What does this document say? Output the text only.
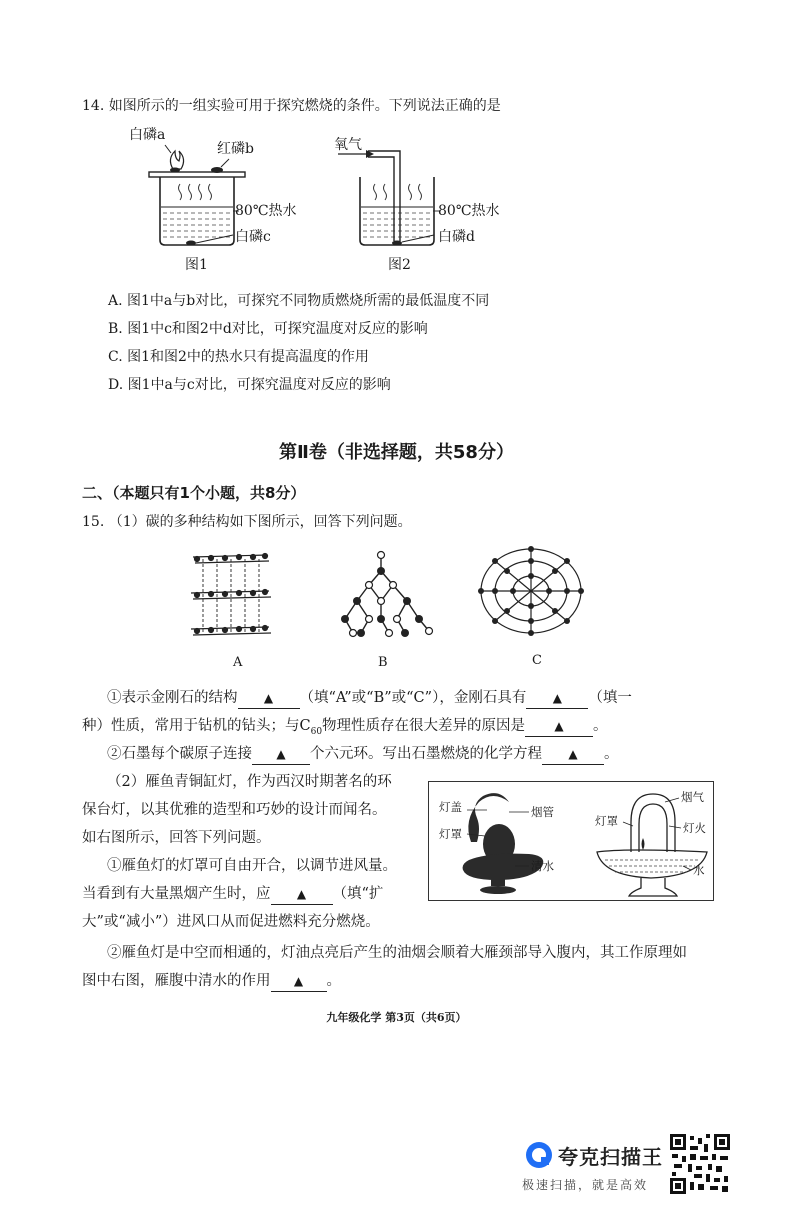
14. 如图所示的一组实验可用于探究燃烧的条件。下列说法正确的是
白磷a
红磷b
80℃热水
白磷c
图1
氧气
80℃热水
白磷d
图2
A. 图1中a与b对比，可探究不同物质燃烧所需的最低温度不同
B. 图1中c和图2中d对比，可探究温度对反应的影响
C. 图1和图2中的热水只有提高温度的作用
D. 图1中a与c对比，可探究温度对反应的影响
第Ⅱ卷（非选择题，共58分）
二、（本题只有1个小题，共8分）
15. （1）碳的多种结构如下图所示，回答下列问题。
A	B	C
①表示金刚石的结构 ▲ （填“A”或“B”或“C”），金刚石具有 ▲ （填一
种）性质，常用于钻机的钻头；与$C_{60}$物理性质存在很大差异的原因是 ▲ 。
②石墨每个碳原子连接 ▲ 个六元环。写出石墨燃烧的化学方程 ▲ 。
（2）雁鱼青铜缸灯，作为西汉时期著名的环
保台灯，以其优雅的造型和巧妙的设计而闻名。
如右图所示，回答下列问题。
①雁鱼灯的灯罩可自由开合，以调节进风量。
当看到有大量黑烟产生时，应 ▲ （填“扩
大”或“减小”）进风口从而促进燃料充分燃烧。
②雁鱼灯是中空而相通的，灯油点亮后产生的油烟会顺着大雁颈部导入腹内，其工作原理如
图中右图，雁腹中清水的作用 ▲ 。
灯盖
灯罩
烟管
清水
烟气
灯罩	灯火
水
九年级化学 第3页（共6页）
夸克扫描王
极速扫描，就是高效
